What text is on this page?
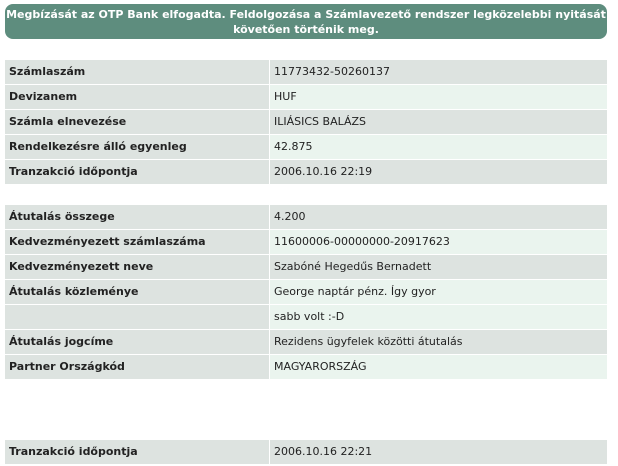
Megbízását az OTP Bank elfogadta. Feldolgozása a Számlavezető rendszer legközelebbi nyitását
követően történik meg.
Számlaszám	11773432-50260137
Devizanem	HUF
Számla elnevezése	ILIÁSICS BALÁZS
Rendelkezésre álló egyenleg	42.875
Tranzakció időpontja	2006.10.16 22:19
Átutalás összege	4.200
Kedvezményezett számlaszáma	11600006-00000000-20917623
Kedvezményezett neve	Szabóné Hegedűs Bernadett
Átutalás közleménye	George naptár pénz. Így gyor
sabb volt :-D
Átutalás jogcíme	Rezidens ügyfelek közötti átutalás
Partner Országkód	MAGYARORSZÁG
Tranzakció időpontja	2006.10.16 22:21
